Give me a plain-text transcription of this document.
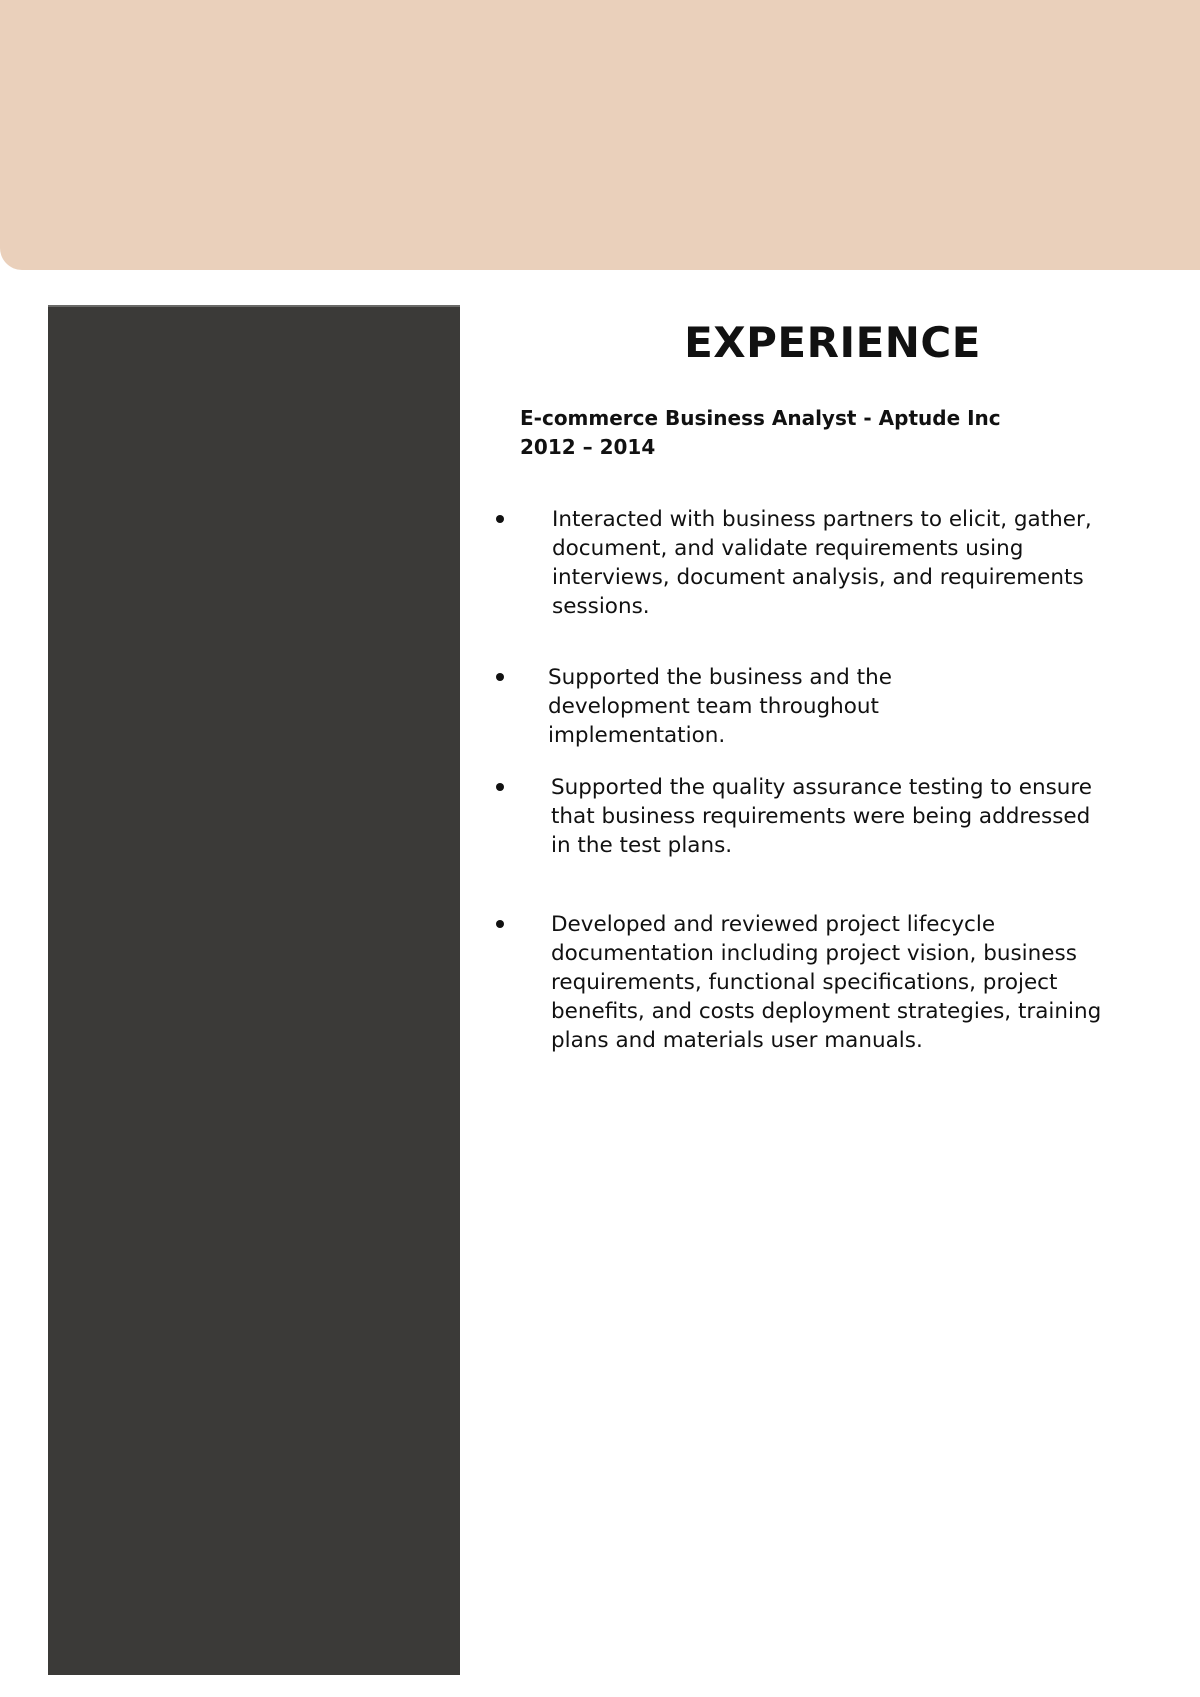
EXPERIENCE
E-commerce Business Analyst - Aptude Inc
2012 – 2014
Interacted with business partners to elicit, gather,
document, and validate requirements using
interviews, document analysis, and requirements
sessions.
Supported the business and the
development team throughout
implementation.
Supported the quality assurance testing to ensure
that business requirements were being addressed
in the test plans.
Developed and reviewed project lifecycle
documentation including project vision, business
requirements, functional specifications, project
benefits, and costs deployment strategies, training
plans and materials user manuals.
